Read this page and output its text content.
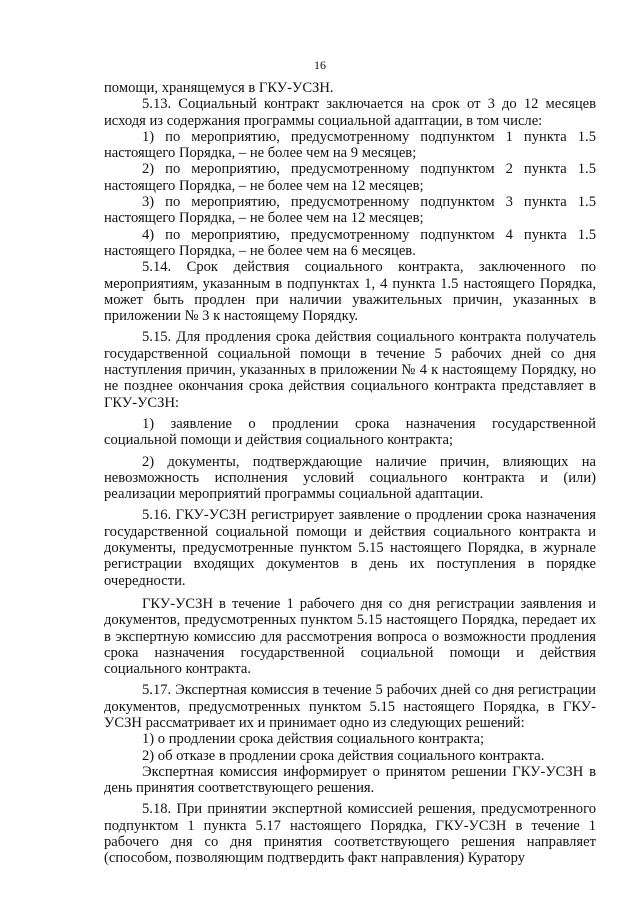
16

помощи, хранящемуся в ГКУ-УСЗН.

5.13. Социальный контракт заключается на срок от 3 до 12 месяцев исходя из содержания программы социальной адаптации, в том числе:

1) по мероприятию, предусмотренному подпунктом 1 пункта 1.5 настоящего Порядка, – не более чем на 9 месяцев;

2) по мероприятию, предусмотренному подпунктом 2 пункта 1.5 настоящего Порядка, – не более чем на 12 месяцев;

3) по мероприятию, предусмотренному подпунктом 3 пункта 1.5 настоящего Порядка, – не более чем на 12 месяцев;

4) по мероприятию, предусмотренному подпунктом 4 пункта 1.5 настоящего Порядка, – не более чем на 6 месяцев.

5.14. Срок действия социального контракта, заключенного по мероприятиям, указанным в подпунктах 1, 4 пункта 1.5 настоящего Порядка, может быть продлен при наличии уважительных причин, указанных в приложении № 3 к настоящему Порядку.

5.15. Для продления срока действия социального контракта получатель государственной социальной помощи в течение 5 рабочих дней со дня наступления причин, указанных в приложении № 4 к настоящему Порядку, но не позднее окончания срока действия социального контракта представляет в ГКУ-УСЗН:

1) заявление о продлении срока назначения государственной социальной помощи и действия социального контракта;

2) документы, подтверждающие наличие причин, влияющих на невозможность исполнения условий социального контракта и (или) реализации мероприятий программы социальной адаптации.

5.16. ГКУ-УСЗН регистрирует заявление о продлении срока назначения государственной социальной помощи и действия социального контракта и документы, предусмотренные пунктом 5.15 настоящего Порядка, в журнале регистрации входящих документов в день их поступления в порядке очередности.

ГКУ-УСЗН в течение 1 рабочего дня со дня регистрации заявления и документов, предусмотренных пунктом 5.15 настоящего Порядка, передает их в экспертную комиссию для рассмотрения вопроса о возможности продления срока назначения государственной социальной помощи и действия социального контракта.

5.17. Экспертная комиссия в течение 5 рабочих дней со дня регистрации документов, предусмотренных пунктом 5.15 настоящего Порядка, в ГКУ-УСЗН рассматривает их и принимает одно из следующих решений:

1) о продлении срока действия социального контракта;

2) об отказе в продлении срока действия социального контракта.

Экспертная комиссия информирует о принятом решении ГКУ-УСЗН в день принятия соответствующего решения.

5.18. При принятии экспертной комиссией решения, предусмотренного подпунктом 1 пункта 5.17 настоящего Порядка, ГКУ-УСЗН в течение 1 рабочего дня со дня принятия соответствующего решения направляет (способом, позволяющим подтвердить факт направления) Куратору
